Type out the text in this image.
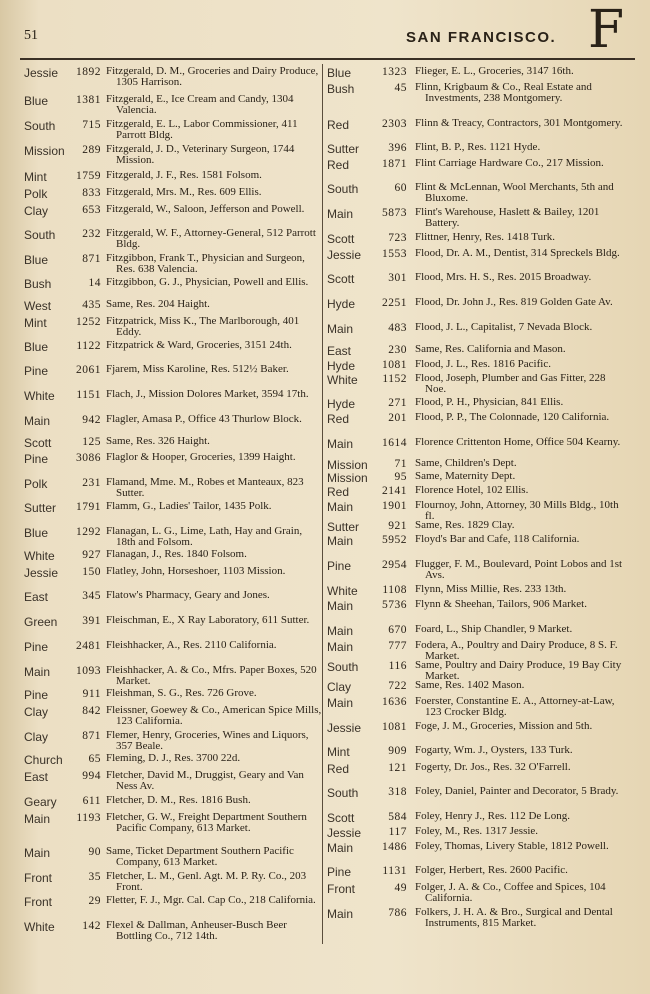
51	SAN FRANCISCO. F
Jessie	1892 Fitzgerald, D. M., Groceries and Dairy Produce, 1305 Harrison.
Blue	1381 Fitzgerald, E., Ice Cream and Candy, 1304 Valencia.
South	715 Fitzgerald, E. L., Labor Commissioner, 411 Parrott Bldg.
Mission	289 Fitzgerald, J. D., Veterinary Surgeon, 1744 Mission.
Mint	1759 Fitzgerald, J. F., Res. 1581 Folsom.
Polk	833 Fitzgerald, Mrs. M., Res. 609 Ellis.
Clay	653 Fitzgerald, W., Saloon, Jefferson and Powell.
South	232 Fitzgerald, W. F., Attorney-General, 512 Parrott Bldg.
Blue	871 Fitzgibbon, Frank T., Physician and Surgeon, Res. 638 Valencia.
Bush	14 Fitzgibbon, G. J., Physician, Powell and Ellis.
West	435 Same, Res. 204 Haight.
Mint	1252 Fitzpatrick, Miss K., The Marlborough, 401 Eddy.
Blue	1122 Fitzpatrick & Ward, Groceries, 3151 24th.
Pine	2061 Fjarem, Miss Karoline, Res. 512½ Baker.
White	1151 Flach, J., Mission Dolores Market, 3594 17th.
Main	942 Flagler, Amasa P., Office 43 Thurlow Block.
Scott	125 Same, Res. 326 Haight.
Pine	3086 Flaglor & Hooper, Groceries, 1399 Haight.
Polk	231 Flamand, Mme. M., Robes et Manteaux, 823 Sutter.
Sutter	1791 Flamm, G., Ladies' Tailor, 1435 Polk.
Blue	1292 Flanagan, L. G., Lime, Lath, Hay and Grain, 18th and Folsom.
White	927 Flanagan, J., Res. 1840 Folsom.
Jessie	150 Flatley, John, Horseshoer, 1103 Mission.
East	345 Flatow's Pharmacy, Geary and Jones.
Green	391 Fleischman, E., X Ray Laboratory, 611 Sutter.
Pine	2481 Fleishhacker, A., Res. 2110 California.
Main	1093 Fleishhacker, A. & Co., Mfrs. Paper Boxes, 520 Market.
Pine	911 Fleishman, S. G., Res. 726 Grove.
Clay	842 Fleissner, Goewey & Co., American Spice Mills, 123 California.
Clay	871 Flemer, Henry, Groceries, Wines and Liquors, 357 Beale.
Church	65 Fleming, D. J., Res. 3700 22d.
East	994 Fletcher, David M., Druggist, Geary and Van Ness Av.
Geary	611 Fletcher, D. M., Res. 1816 Bush.
Main	1193 Fletcher, G. W., Freight Department Southern Pacific Company, 613 Market.
Main	90 Same, Ticket Department Southern Pacific Company, 613 Market.
Front	35 Fletcher, L. M., Genl. Agt. M. P. Ry. Co., 203 Front.
Front	29 Fletter, F. J., Mgr. Cal. Cap Co., 218 California.
White	142 Flexel & Dallman, Anheuser-Busch Beer Bottling Co., 712 14th.
Blue	1323 Flieger, E. L., Groceries, 3147 16th.
Bush	45 Flinn, Krigbaum & Co., Real Estate and Investments, 238 Montgomery.
Red	2303 Flinn & Treacy, Contractors, 301 Montgomery.
Sutter	396 Flint, B. P., Res. 1121 Hyde.
Red	1871 Flint Carriage Hardware Co., 217 Mission.
South	60 Flint & McLennan, Wool Merchants, 5th and Bluxome.
Main	5873 Flint's Warehouse, Haslett & Bailey, 1201 Battery.
Scott	723 Flittner, Henry, Res. 1418 Turk.
Jessie	1553 Flood, Dr. A. M., Dentist, 314 Spreckels Bldg.
Scott	301 Flood, Mrs. H. S., Res. 2015 Broadway.
Hyde	2251 Flood, Dr. John J., Res. 819 Golden Gate Av.
Main	483 Flood, J. L., Capitalist, 7 Nevada Block.
East	230 Same, Res. California and Mason.
Hyde	1081 Flood, J. L., Res. 1816 Pacific.
White	1152 Flood, Joseph, Plumber and Gas Fitter, 228 Noe.
Hyde	271 Flood, P. H., Physician, 841 Ellis.
Red	201 Flood, P. P., The Colonnade, 120 California.
Main	1614 Florence Crittenton Home, Office 504 Kearny.
Mission	71 Same, Children's Dept.
Mission	95 Same, Maternity Dept.
Red	2141 Florence Hotel, 102 Ellis.
Main	1901 Flournoy, John, Attorney, 30 Mills Bldg., 10th fl.
Sutter	921 Same, Res. 1829 Clay.
Main	5952 Floyd's Bar and Cafe, 118 California.
Pine	2954 Flugger, F. M., Boulevard, Point Lobos and 1st Avs.
White	1108 Flynn, Miss Millie, Res. 233 13th.
Main	5736 Flynn & Sheehan, Tailors, 906 Market.
Main	670 Foard, L., Ship Chandler, 9 Market.
Main	777 Fodera, A., Poultry and Dairy Produce, 8 S. F. Market.
South	116 Same, Poultry and Dairy Produce, 19 Bay City Market.
Clay	722 Same, Res. 1402 Mason.
Main	1636 Foerster, Constantine E. A., Attorney-at-Law, 123 Crocker Bldg.
Jessie	1081 Foge, J. M., Groceries, Mission and 5th.
Mint	909 Fogarty, Wm. J., Oysters, 133 Turk.
Red	121 Fogerty, Dr. Jos., Res. 32 O'Farrell.
South	318 Foley, Daniel, Painter and Decorator, 5 Brady.
Scott	584 Foley, Henry J., Res. 112 De Long.
Jessie	117 Foley, M., Res. 1317 Jessie.
Main	1486 Foley, Thomas, Livery Stable, 1812 Powell.
Pine	1131 Folger, Herbert, Res. 2600 Pacific.
Front	49 Folger, J. A. & Co., Coffee and Spices, 104 California.
Main	786 Folkers, J. H. A. & Bro., Surgical and Dental Instruments, 815 Market.
